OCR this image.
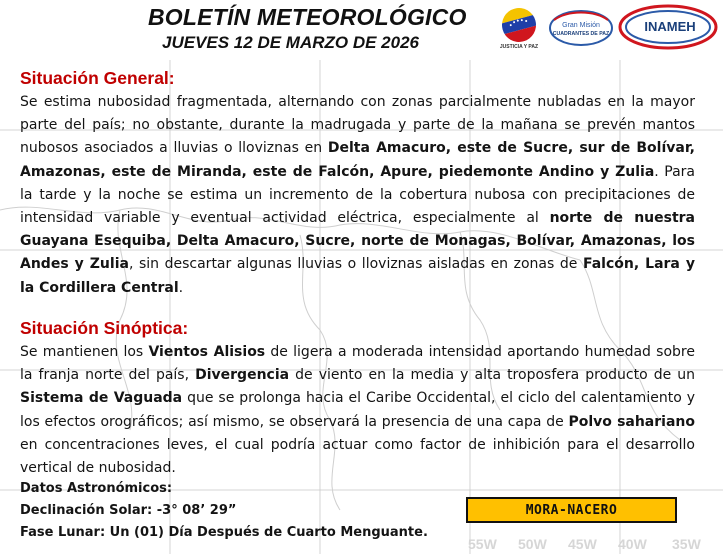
BOLETÍN METEOROLÓGICO
JUEVES 12 DE MARZO DE 2026	JUSTICIA Y PAZ
Gran Misión
CUADRANTES DE PAZ	INAMEH
Situación General:

Se estima nubosidad fragmentada, alternando con zonas parcialmente nubladas en la mayor parte del país; no obstante, durante la madrugada y parte de la mañana se prevén mantos nubosos asociados a lluvias o lloviznas en Delta Amacuro, este de Sucre, sur de Bolívar, Amazonas, este de Miranda, este de Falcón, Apure, piedemonte Andino y Zulia. Para la tarde y la noche se estima un incremento de la cobertura nubosa con precipitaciones de intensidad variable y eventual actividad eléctrica, especialmente al norte de nuestra Guayana Esequiba, Delta Amacuro, Sucre, norte de Monagas, Bolívar, Amazonas, los Andes y Zulia, sin descartar algunas lluvias o lloviznas aisladas en zonas de Falcón, Lara y la Cordillera Central.

Situación Sinóptica:

Se mantienen los Vientos Alisios de ligera a moderada intensidad aportando humedad sobre la franja norte del país, Divergencia de viento en la media y alta troposfera producto de un Sistema de Vaguada que se prolonga hacia el Caribe Occidental, el ciclo del calentamiento y los efectos orográficos; así mismo, se observará la presencia de una capa de Polvo sahariano en concentraciones leves, el cual podría actuar como factor de inhibición para el desarrollo vertical de nubosidad.

Datos Astronómicos:
Declinación Solar: -3° 08’ 29”
Fase Lunar: Un (01) Día Después de Cuarto Menguante.
MORA-NACERO
55W 50W 45W 40W 35W
